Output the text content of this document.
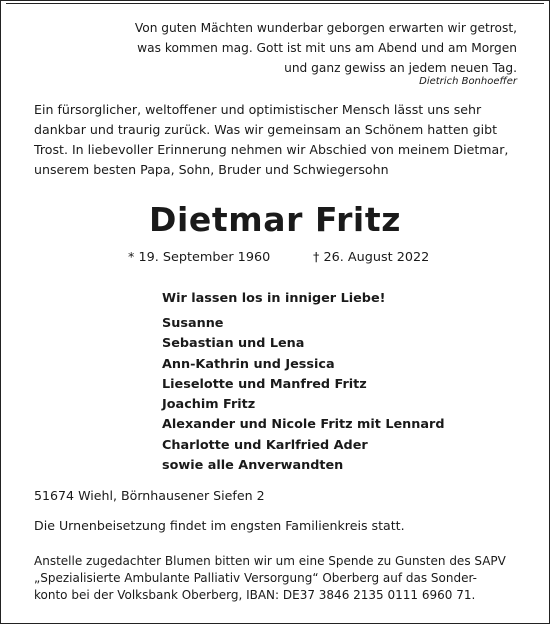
Von guten Mächten wunderbar geborgen erwarten wir getrost,
was kommen mag. Gott ist mit uns am Abend und am Morgen
und ganz gewiss an jedem neuen Tag.
Dietrich Bonhoeffer
Ein fürsorglicher, weltoffener und optimistischer Mensch lässt uns sehr
dankbar und traurig zurück. Was wir gemeinsam an Schönem hatten gibt
Trost. In liebevoller Erinnerung nehmen wir Abschied von meinem Dietmar,
unserem besten Papa, Sohn, Bruder und Schwiegersohn
Dietmar Fritz
* 19. September 1960	† 26. August 2022
Wir lassen los in inniger Liebe!
Susanne
Sebastian und Lena
Ann-Kathrin und Jessica
Lieselotte und Manfred Fritz
Joachim Fritz
Alexander und Nicole Fritz mit Lennard
Charlotte und Karlfried Ader
sowie alle Anverwandten
51674 Wiehl, Börnhausener Siefen 2
Die Urnenbeisetzung findet im engsten Familienkreis statt.
Anstelle zugedachter Blumen bitten wir um eine Spende zu Gunsten des SAPV
„Spezialisierte Ambulante Palliativ Versorgung“ Oberberg auf das Sonder-
konto bei der Volksbank Oberberg, IBAN: DE37 3846 2135 0111 6960 71.
